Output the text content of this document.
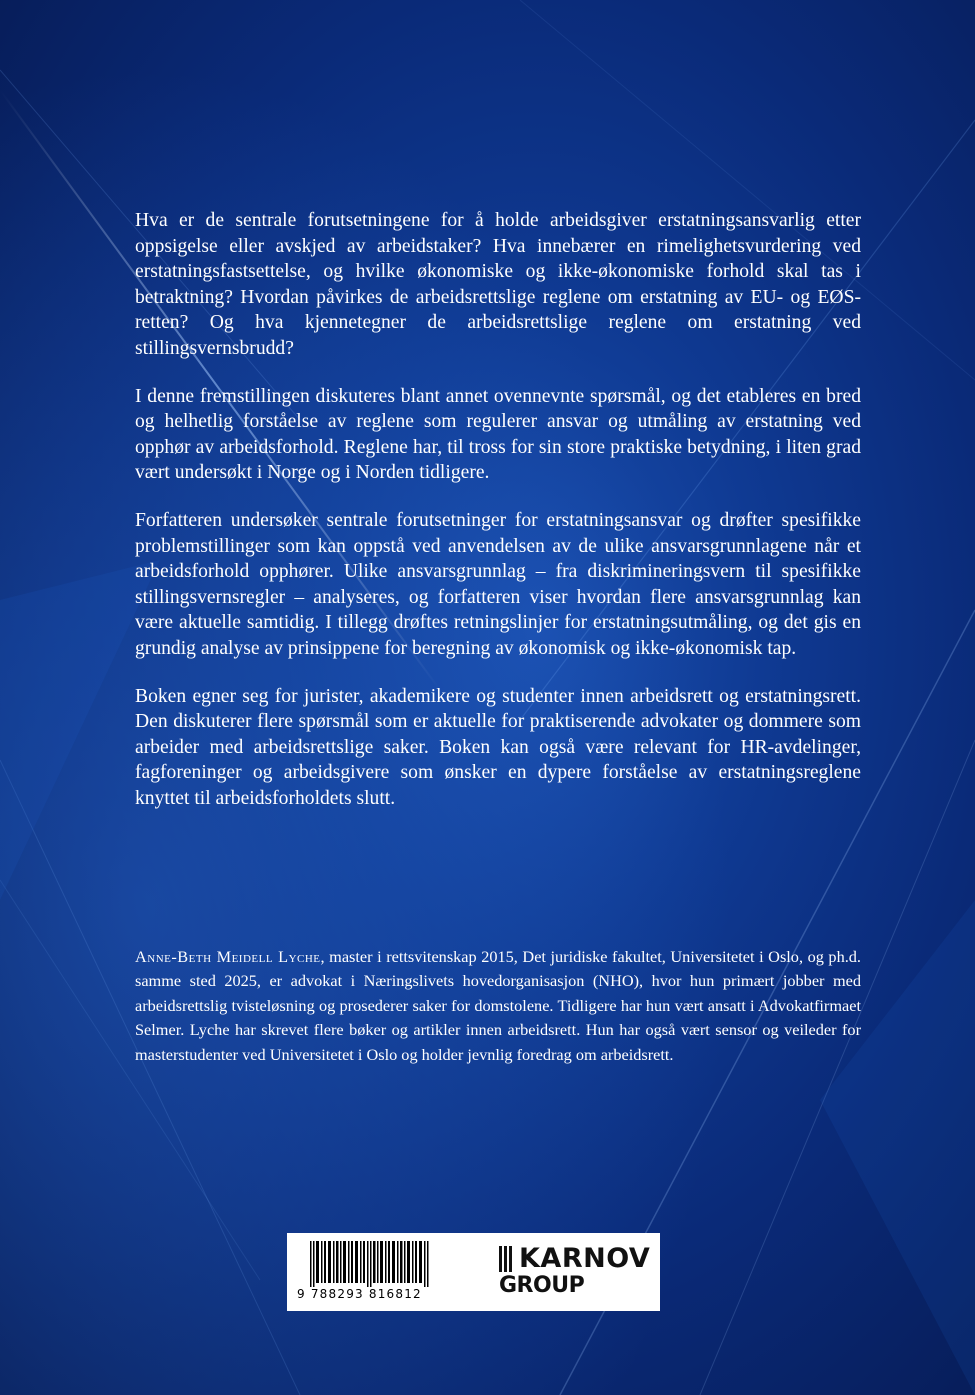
Hva er de sentrale forutsetningene for å holde arbeidsgiver erstatningsansvarlig etter oppsigelse eller avskjed av arbeidstaker? Hva innebærer en rimelighetsvurdering ved erstatningsfastsettelse, og hvilke økonomiske og ikke-økonomiske forhold skal tas i betraktning? Hvordan påvirkes de arbeidsrettslige reglene om erstatning av EU- og EØS-retten? Og hva kjennetegner de arbeidsrettslige reglene om erstatning ved stillingsvernsbrudd?

I denne fremstillingen diskuteres blant annet ovennevnte spørsmål, og det etableres en bred og helhetlig forståelse av reglene som regulerer ansvar og utmåling av erstatning ved opphør av arbeidsforhold. Reglene har, til tross for sin store praktiske betydning, i liten grad vært undersøkt i Norge og i Norden tidligere.

Forfatteren undersøker sentrale forutsetninger for erstatningsansvar og drøfter spesifikke problemstillinger som kan oppstå ved anvendelsen av de ulike ansvarsgrunnlagene når et arbeidsforhold opphører. Ulike ansvarsgrunnlag – fra diskrimineringsvern til spesifikke stillingsvernsregler – analyseres, og forfatteren viser hvordan flere ansvarsgrunnlag kan være aktuelle samtidig. I tillegg drøftes retningslinjer for erstatningsutmåling, og det gis en grundig analyse av prinsippene for beregning av økonomisk og ikke-økonomisk tap.

Boken egner seg for jurister, akademikere og studenter innen arbeidsrett og erstatningsrett. Den diskuterer flere spørsmål som er aktuelle for praktiserende advokater og dommere som arbeider med arbeidsrettslige saker. Boken kan også være relevant for HR-avdelinger, fagforeninger og arbeidsgivere som ønsker en dypere forståelse av erstatningsreglene knyttet til arbeidsforholdets slutt.

Anne-Beth Meidell Lyche, master i rettsvitenskap 2015, Det juridiske fakultet, Universitetet i Oslo, og ph.d. samme sted 2025, er advokat i Næringslivets hovedorganisasjon (NHO), hvor hun primært jobber med arbeidsrettslig tvisteløsning og prosederer saker for domstolene. Tidligere har hun vært ansatt i Advokatfirmaet Selmer. Lyche har skrevet flere bøker og artikler innen arbeidsrett. Hun har også vært sensor og veileder for masterstudenter ved Universitetet i Oslo og holder jevnlig foredrag om arbeidsrett.

9 788293 816812
KARNOV
GROUP
